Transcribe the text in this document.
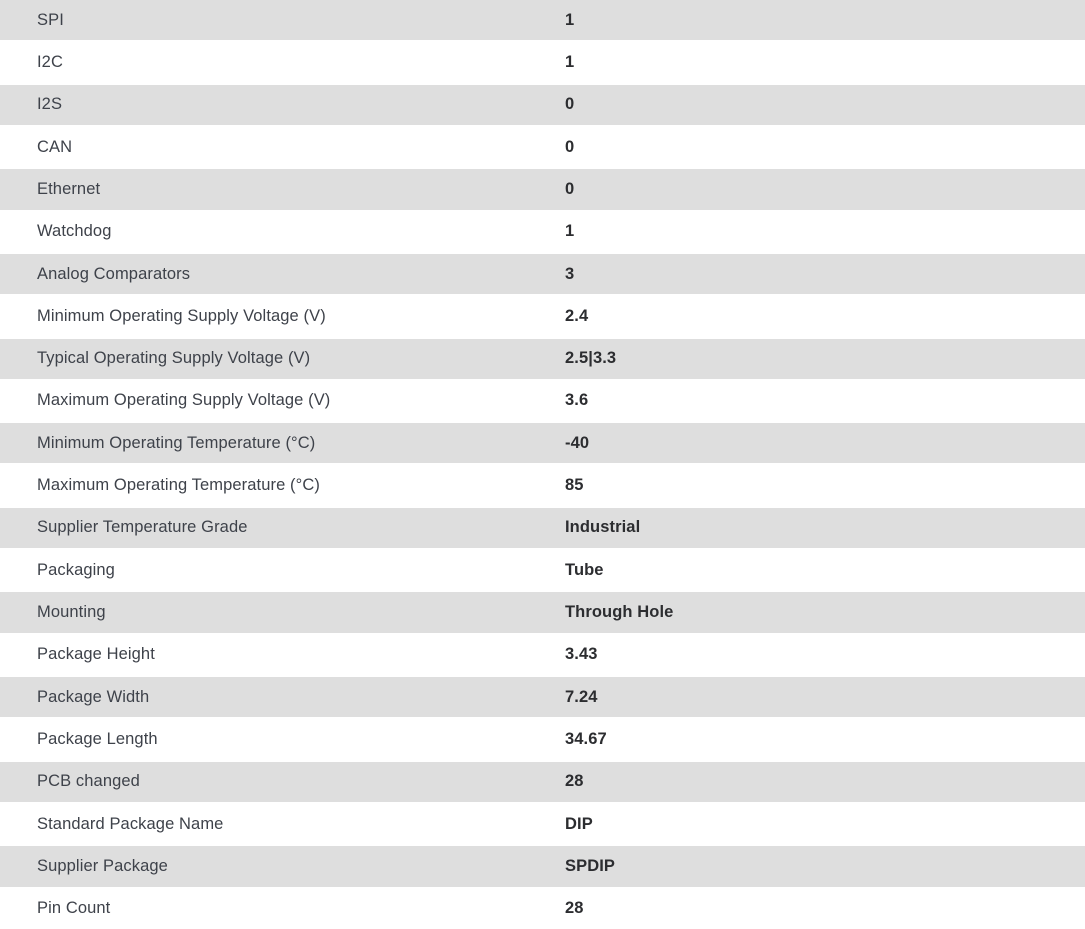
SPI	1
I2C	1
I2S	0
CAN	0
Ethernet	0
Watchdog	1
Analog Comparators	3
Minimum Operating Supply Voltage (V)	2.4
Typical Operating Supply Voltage (V)	2.5|3.3
Maximum Operating Supply Voltage (V)	3.6
Minimum Operating Temperature (°C)	-40
Maximum Operating Temperature (°C)	85
Supplier Temperature Grade	Industrial
Packaging	Tube
Mounting	Through Hole
Package Height	3.43
Package Width	7.24
Package Length	34.67
PCB changed	28
Standard Package Name	DIP
Supplier Package	SPDIP
Pin Count	28
